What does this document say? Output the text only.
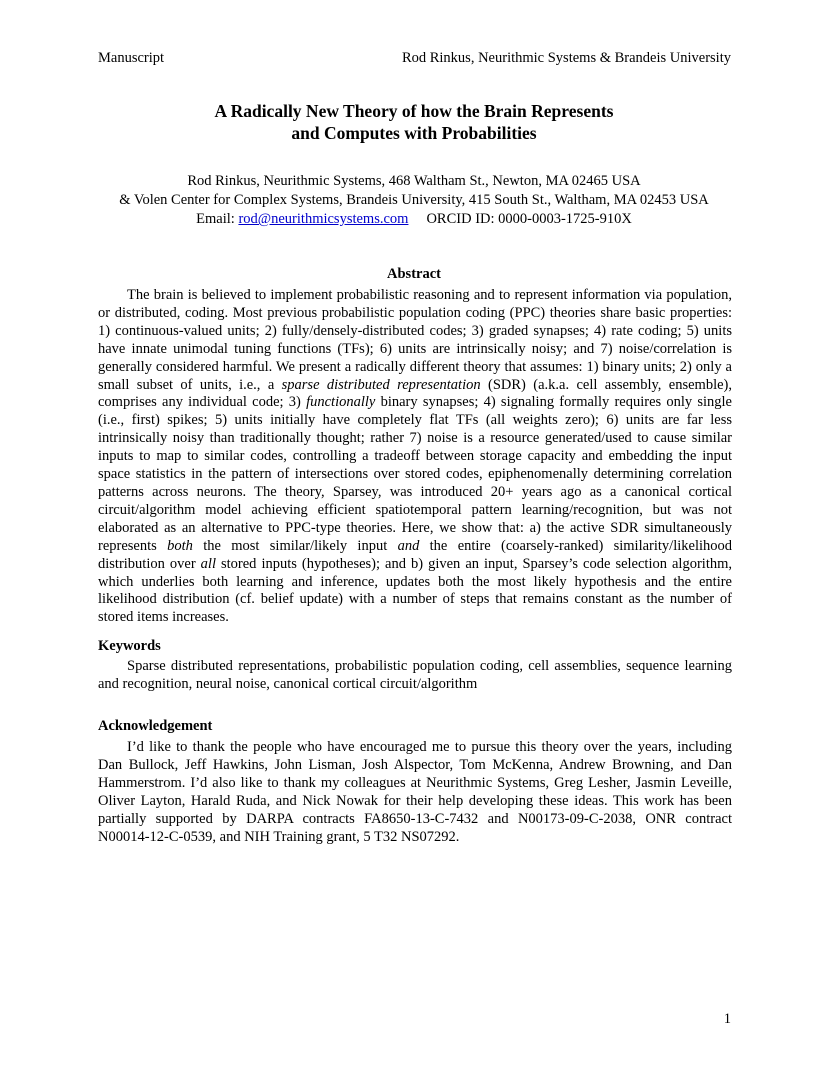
Manuscript	Rod Rinkus, Neurithmic Systems & Brandeis University
A Radically New Theory of how the Brain Represents
and Computes with Probabilities
Rod Rinkus, Neurithmic Systems, 468 Waltham St., Newton, MA 02465 USA
& Volen Center for Complex Systems, Brandeis University, 415 South St., Waltham, MA 02453 USA
Email: rod@neurithmicsystems.com ORCID ID: 0000-0003-1725-910X
Abstract
The brain is believed to implement probabilistic reasoning and to represent information via population, or distributed, coding. Most previous probabilistic population coding (PPC) theories share basic properties: 1) continuous-valued units; 2) fully/densely-distributed codes; 3) graded synapses; 4) rate coding; 5) units have innate unimodal tuning functions (TFs); 6) units are intrinsically noisy; and 7) noise/correlation is generally considered harmful. We present a radically different theory that assumes: 1) binary units; 2) only a small subset of units, i.e., a sparse distributed representation (SDR) (a.k.a. cell assembly, ensemble), comprises any individual code; 3) functionally binary synapses; 4) signaling formally requires only single (i.e., first) spikes; 5) units initially have completely flat TFs (all weights zero); 6) units are far less intrinsically noisy than traditionally thought; rather 7) noise is a resource generated/used to cause similar inputs to map to similar codes, controlling a tradeoff between storage capacity and embedding the input space statistics in the pattern of intersections over stored codes, epiphenomenally determining correlation patterns across neurons. The theory, Sparsey, was introduced 20+ years ago as a canonical cortical circuit/algorithm model achieving efficient spatiotemporal pattern learning/recognition, but was not elaborated as an alternative to PPC-type theories. Here, we show that: a) the active SDR simultaneously represents both the most similar/likely input and the entire (coarsely-ranked) similarity/likelihood distribution over all stored inputs (hypotheses); and b) given an input, Sparsey’s code selection algorithm, which underlies both learning and inference, updates both the most likely hypothesis and the entire likelihood distribution (cf. belief update) with a number of steps that remains constant as the number of stored items increases.
Keywords
Sparse distributed representations, probabilistic population coding, cell assemblies, sequence learning and recognition, neural noise, canonical cortical circuit/algorithm
Acknowledgement
I’d like to thank the people who have encouraged me to pursue this theory over the years, including Dan Bullock, Jeff Hawkins, John Lisman, Josh Alspector, Tom McKenna, Andrew Browning, and Dan Hammerstrom. I’d also like to thank my colleagues at Neurithmic Systems, Greg Lesher, Jasmin Leveille, Oliver Layton, Harald Ruda, and Nick Nowak for their help developing these ideas. This work has been partially supported by DARPA contracts FA8650-13-C-7432 and N00173-09-C-2038, ONR contract N00014-12-C-0539, and NIH Training grant, 5 T32 NS07292.
1
